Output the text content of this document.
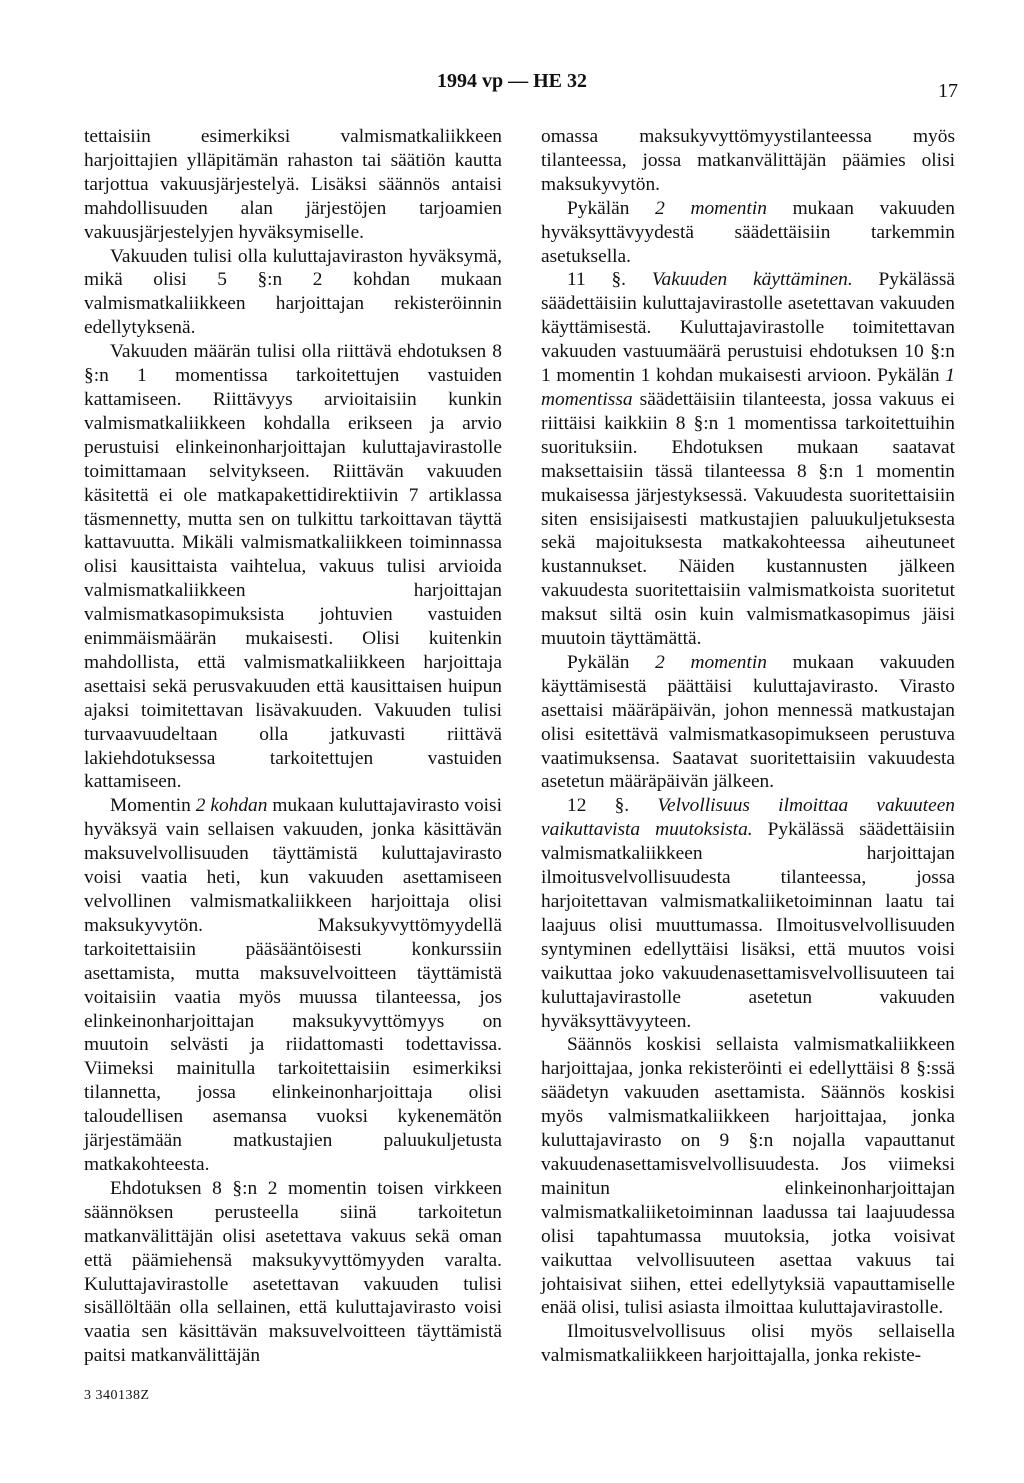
1994 vp — HE 32	17

tettaisiin esimerkiksi valmismatkaliikkeen harjoittajien ylläpitämän rahaston tai säätiön kautta tarjottua vakuusjärjestelyä. Lisäksi säännös antaisi mahdollisuuden alan järjestöjen tarjoamien vakuusjärjestelyjen hyväksymiselle.

Vakuuden tulisi olla kuluttajaviraston hyväksymä, mikä olisi 5 §:n 2 kohdan mukaan valmismatkaliikkeen harjoittajan rekisteröinnin edellytyksenä.

Vakuuden määrän tulisi olla riittävä ehdotuksen 8 §:n 1 momentissa tarkoitettujen vastuiden kattamiseen. Riittävyys arvioitaisiin kunkin valmismatkaliikkeen kohdalla erikseen ja arvio perustuisi elinkeinonharjoittajan kuluttajavirastolle toimittamaan selvitykseen. Riittävän vakuuden käsitettä ei ole matkapakettidirektiivin 7 artiklassa täsmennetty, mutta sen on tulkittu tarkoittavan täyttä kattavuutta. Mikäli valmismatkaliikkeen toiminnassa olisi kausittaista vaihtelua, vakuus tulisi arvioida valmismatkaliikkeen harjoittajan valmismatkasopimuksista johtuvien vastuiden enimmäismäärän mukaisesti. Olisi kuitenkin mahdollista, että valmismatkaliikkeen harjoittaja asettaisi sekä perusvakuuden että kausittaisen huipun ajaksi toimitettavan lisävakuuden. Vakuuden tulisi turvaavuudeltaan olla jatkuvasti riittävä lakiehdotuksessa tarkoitettujen vastuiden kattamiseen.

Momentin 2 kohdan mukaan kuluttajavirasto voisi hyväksyä vain sellaisen vakuuden, jonka käsittävän maksuvelvollisuuden täyttämistä kuluttajavirasto voisi vaatia heti, kun vakuuden asettamiseen velvollinen valmismatkaliikkeen harjoittaja olisi maksukyvytön. Maksukyvyttömyydellä tarkoitettaisiin pääsääntöisesti konkurssiin asettamista, mutta maksuvelvoitteen täyttämistä voitaisiin vaatia myös muussa tilanteessa, jos elinkeinonharjoittajan maksukyvyttömyys on muutoin selvästi ja riidattomasti todettavissa. Viimeksi mainitulla tarkoitettaisiin esimerkiksi tilannetta, jossa elinkeinonharjoittaja olisi taloudellisen asemansa vuoksi kykenemätön järjestämään matkustajien paluukuljetusta matkakohteesta.

Ehdotuksen 8 §:n 2 momentin toisen virkkeen säännöksen perusteella siinä tarkoitetun matkanvälittäjän olisi asetettava vakuus sekä oman että päämiehensä maksukyvyttömyyden varalta. Kuluttajavirastolle asetettavan vakuuden tulisi sisällöltään olla sellainen, että kuluttajavirasto voisi vaatia sen käsittävän maksuvelvoitteen täyttämistä paitsi matkanvälittäjän

omassa maksukyvyttömyystilanteessa myös tilanteessa, jossa matkanvälittäjän päämies olisi maksukyvytön.

Pykälän 2 momentin mukaan vakuuden hyväksyttävyydestä säädettäisiin tarkemmin asetuksella.

11 §. Vakuuden käyttäminen. Pykälässä säädettäisiin kuluttajavirastolle asetettavan vakuuden käyttämisestä. Kuluttajavirastolle toimitettavan vakuuden vastuumäärä perustuisi ehdotuksen 10 §:n 1 momentin 1 kohdan mukaisesti arvioon. Pykälän 1 momentissa säädettäisiin tilanteesta, jossa vakuus ei riittäisi kaikkiin 8 §:n 1 momentissa tarkoitettuihin suorituksiin. Ehdotuksen mukaan saatavat maksettaisiin tässä tilanteessa 8 §:n 1 momentin mukaisessa järjestyksessä. Vakuudesta suoritettaisiin siten ensisijaisesti matkustajien paluukuljetuksesta sekä majoituksesta matkakohteessa aiheutuneet kustannukset. Näiden kustannusten jälkeen vakuudesta suoritettaisiin valmismatkoista suoritetut maksut siltä osin kuin valmismatkasopimus jäisi muutoin täyttämättä.

Pykälän 2 momentin mukaan vakuuden käyttämisestä päättäisi kuluttajavirasto. Virasto asettaisi määräpäivän, johon mennessä matkustajan olisi esitettävä valmismatkasopimukseen perustuva vaatimuksensa. Saatavat suoritettaisiin vakuudesta asetetun määräpäivän jälkeen.

12 §. Velvollisuus ilmoittaa vakuuteen vaikuttavista muutoksista. Pykälässä säädettäisiin valmismatkaliikkeen harjoittajan ilmoitusvelvollisuudesta tilanteessa, jossa harjoitettavan valmismatkaliiketoiminnan laatu tai laajuus olisi muuttumassa. Ilmoitusvelvollisuuden syntyminen edellyttäisi lisäksi, että muutos voisi vaikuttaa joko vakuudenasettamisvelvollisuuteen tai kuluttajavirastolle asetetun vakuuden hyväksyttävyyteen.

Säännös koskisi sellaista valmismatkaliikkeen harjoittajaa, jonka rekisteröinti ei edellyttäisi 8 §:ssä säädetyn vakuuden asettamista. Säännös koskisi myös valmismatkaliikkeen harjoittajaa, jonka kuluttajavirasto on 9 §:n nojalla vapauttanut vakuudenasettamisvelvollisuudesta. Jos viimeksi mainitun elinkeinonharjoittajan valmismatkaliiketoiminnan laadussa tai laajuudessa olisi tapahtumassa muutoksia, jotka voisivat vaikuttaa velvollisuuteen asettaa vakuus tai johtaisivat siihen, ettei edellytyksiä vapauttamiselle enää olisi, tulisi asiasta ilmoittaa kuluttajavirastolle.

Ilmoitusvelvollisuus olisi myös sellaisella valmismatkaliikkeen harjoittajalla, jonka rekiste-

3 340138Z
